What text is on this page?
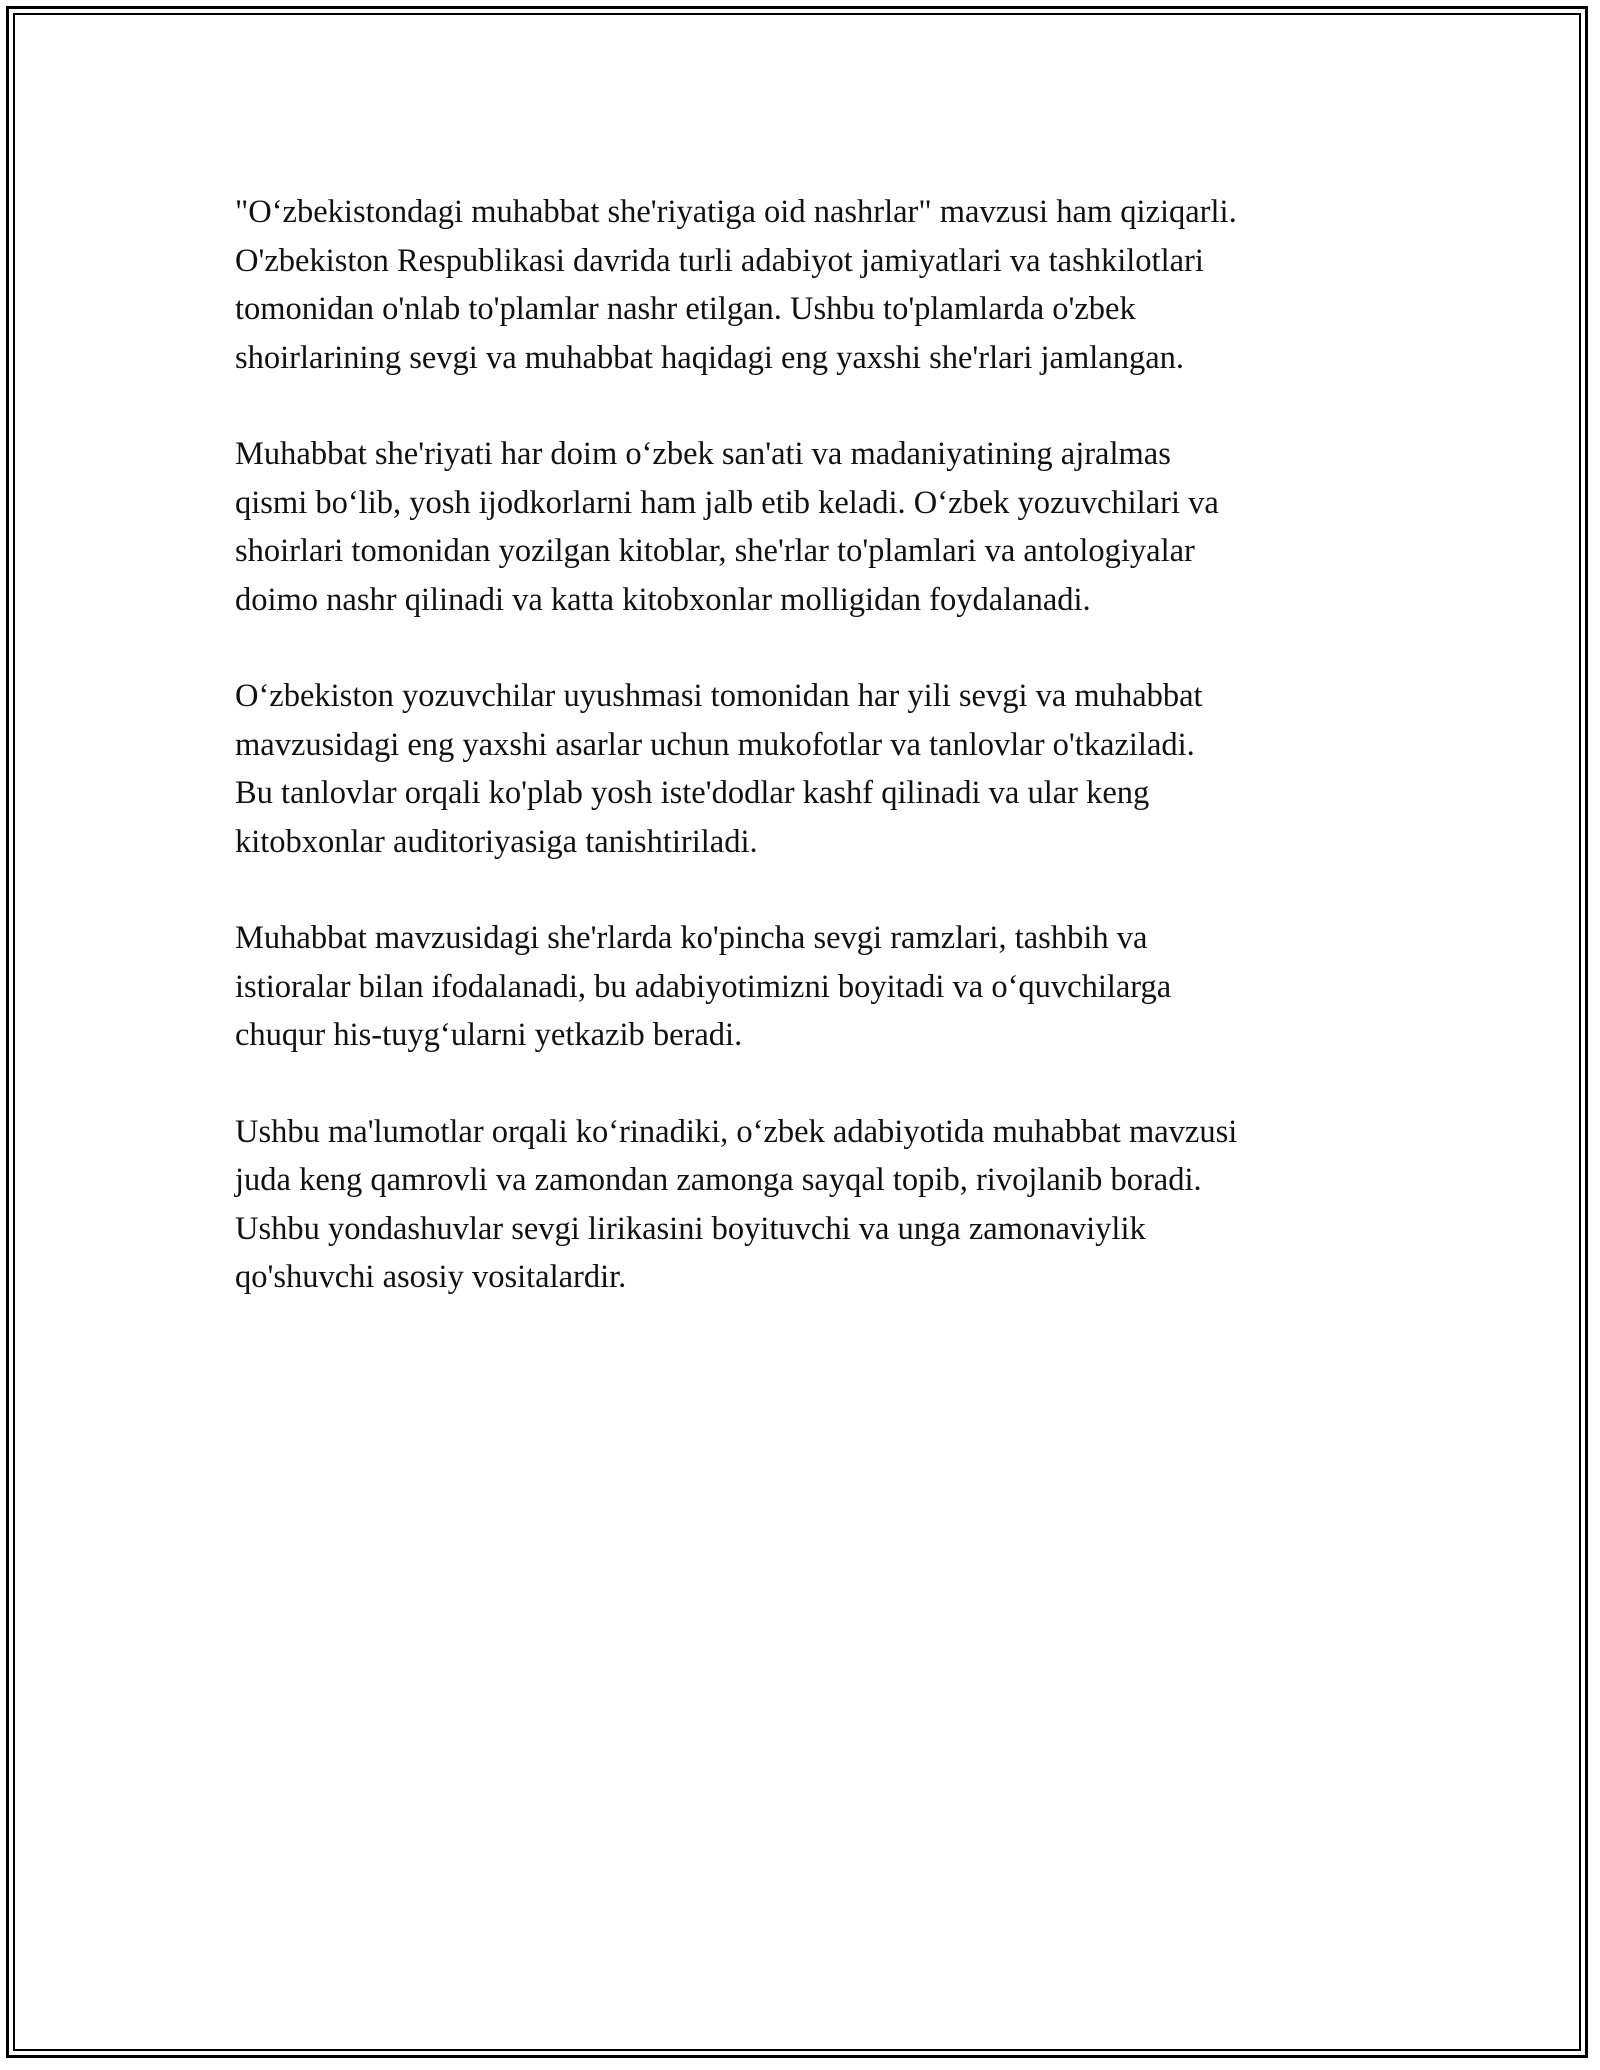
"O‘zbekistondagi muhabbat she'riyatiga oid nashrlar" mavzusi ham qiziqarli.
O'zbekiston Respublikasi davrida turli adabiyot jamiyatlari va tashkilotlari
tomonidan o'nlab to'plamlar nashr etilgan. Ushbu to'plamlarda o'zbek
shoirlarining sevgi va muhabbat haqidagi eng yaxshi she'rlari jamlangan.

Muhabbat she'riyati har doim o‘zbek san'ati va madaniyatining ajralmas
qismi bo‘lib, yosh ijodkorlarni ham jalb etib keladi. O‘zbek yozuvchilari va
shoirlari tomonidan yozilgan kitoblar, she'rlar to'plamlari va antologiyalar
doimo nashr qilinadi va katta kitobxonlar molligidan foydalanadi.

O‘zbekiston yozuvchilar uyushmasi tomonidan har yili sevgi va muhabbat
mavzusidagi eng yaxshi asarlar uchun mukofotlar va tanlovlar o'tkaziladi.
Bu tanlovlar orqali ko'plab yosh iste'dodlar kashf qilinadi va ular keng
kitobxonlar auditoriyasiga tanishtiriladi.

Muhabbat mavzusidagi she'rlarda ko'pincha sevgi ramzlari, tashbih va
istioralar bilan ifodalanadi, bu adabiyotimizni boyitadi va o‘quvchilarga
chuqur his-tuyg‘ularni yetkazib beradi.

Ushbu ma'lumotlar orqali ko‘rinadiki, o‘zbek adabiyotida muhabbat mavzusi
juda keng qamrovli va zamondan zamonga sayqal topib, rivojlanib boradi.
Ushbu yondashuvlar sevgi lirikasini boyituvchi va unga zamonaviylik
qo'shuvchi asosiy vositalardir.
